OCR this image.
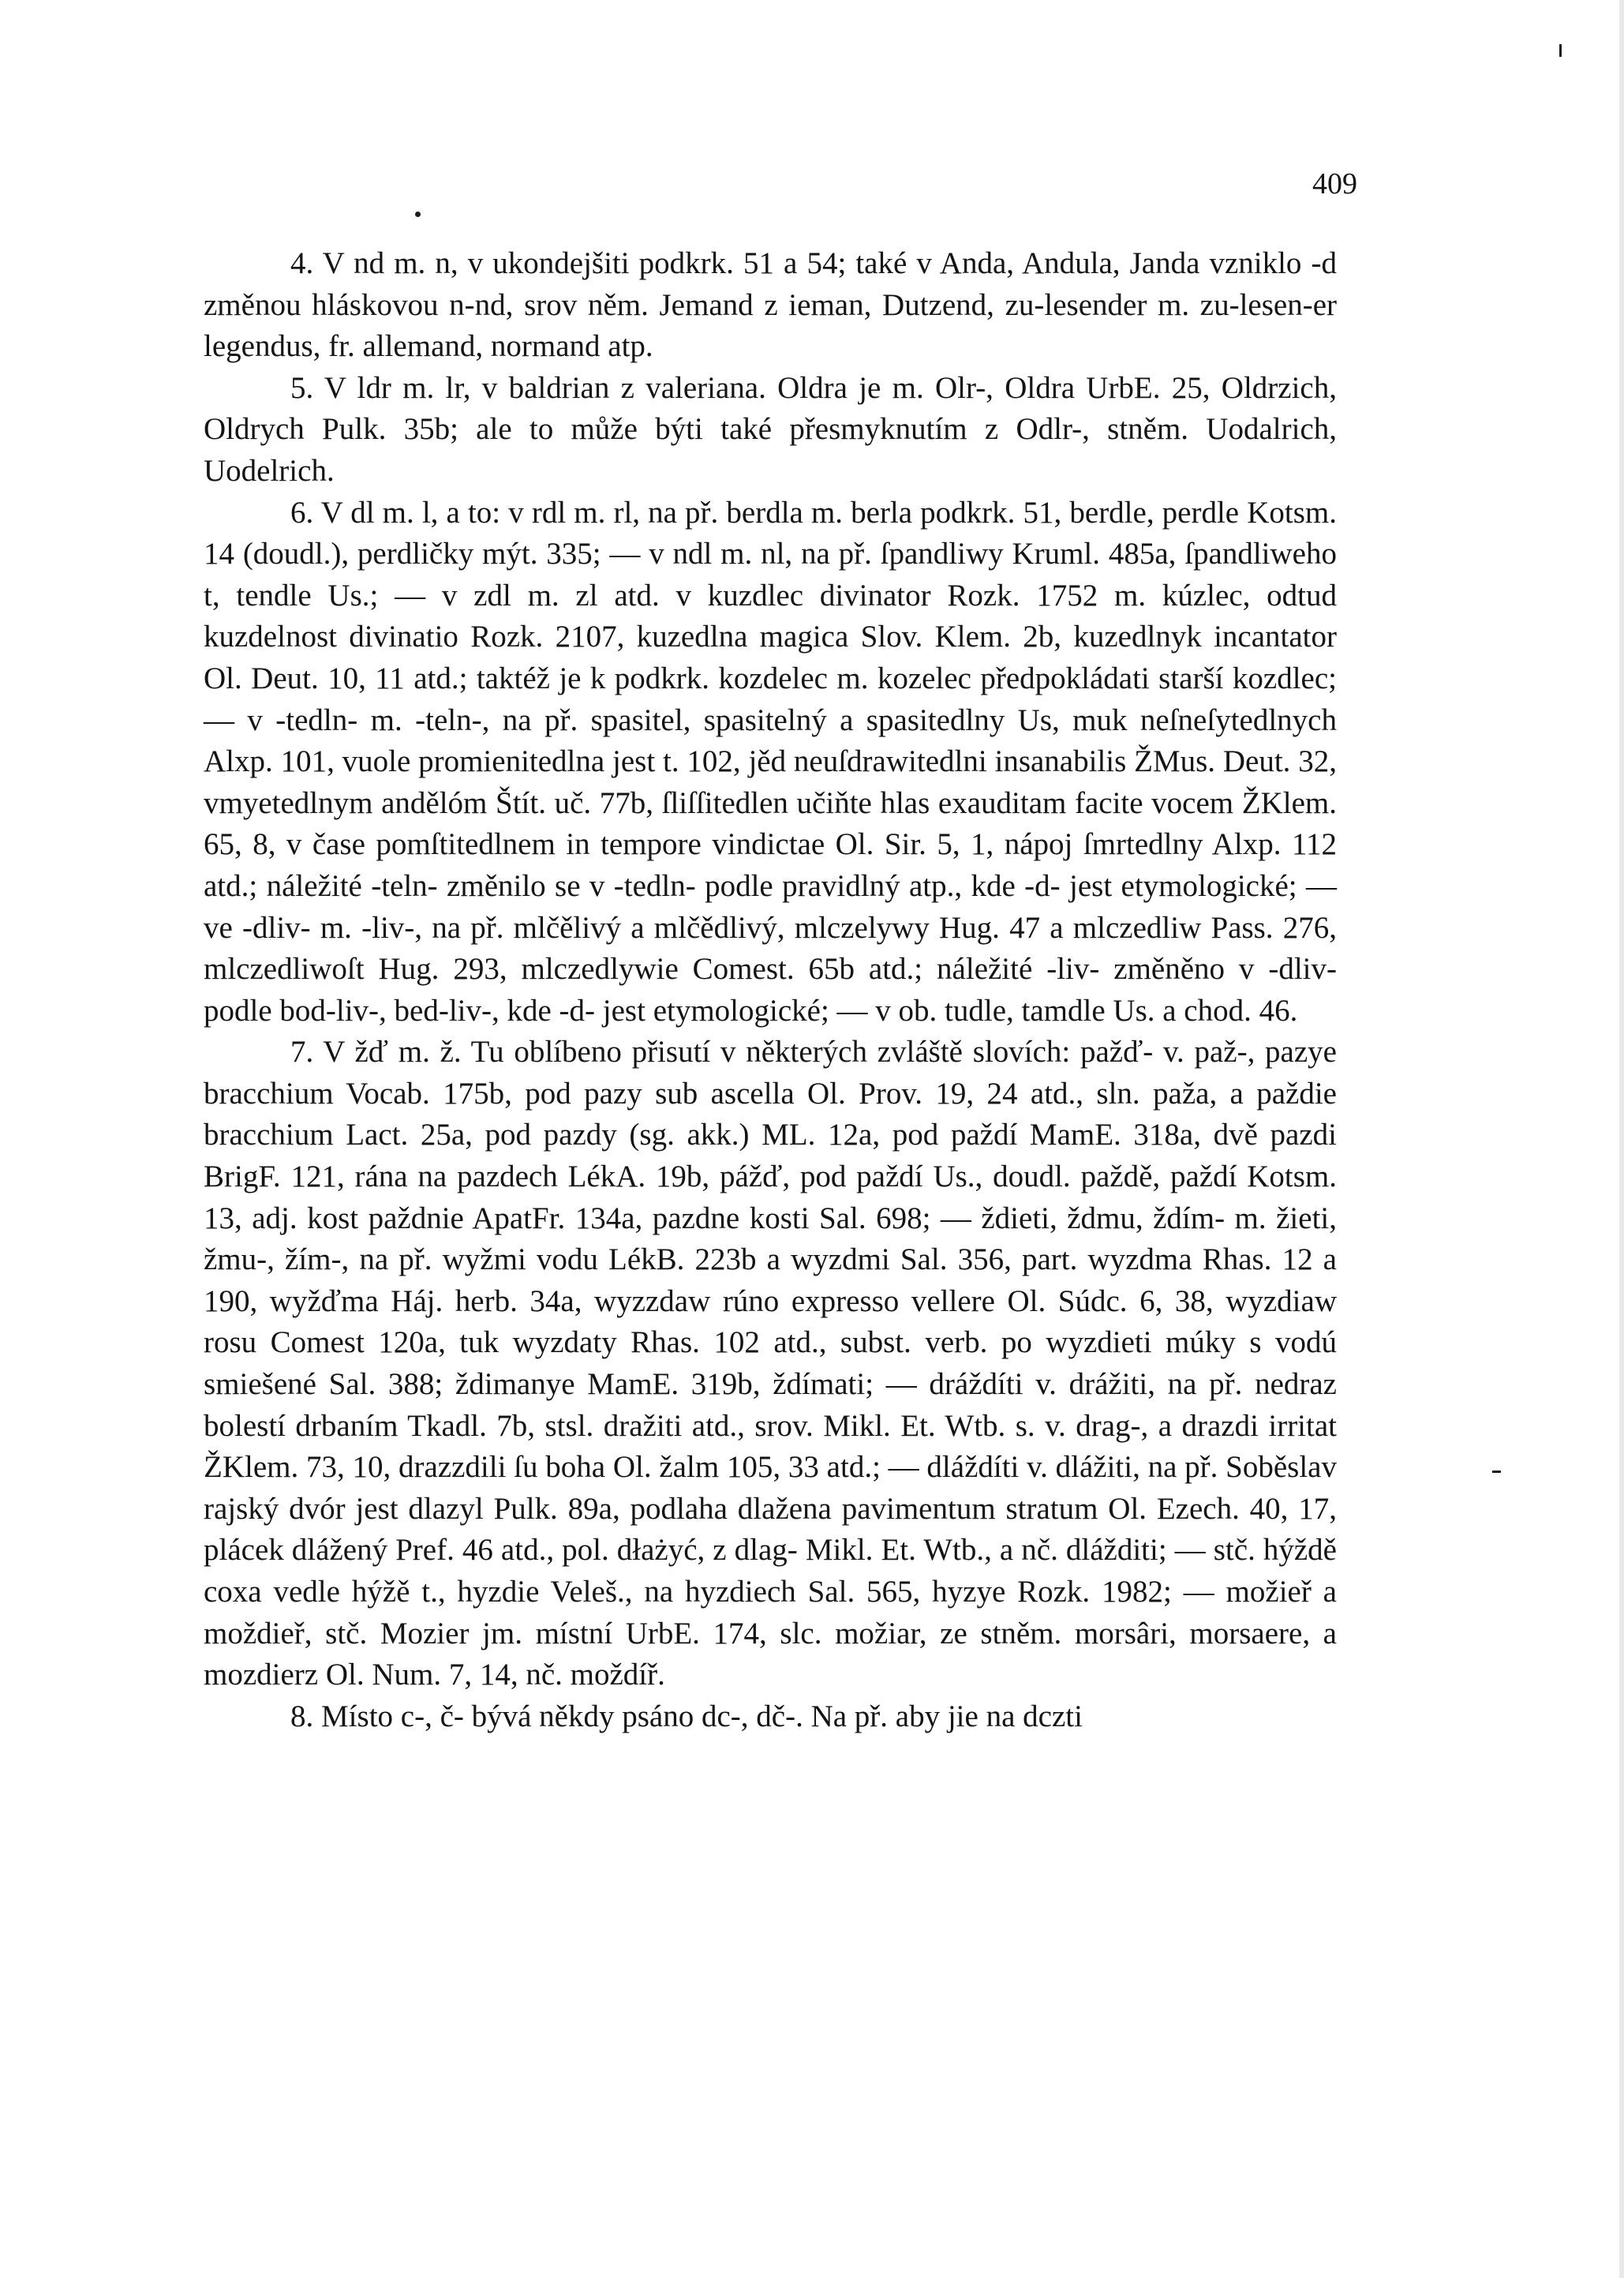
409

4. V nd m. n, v ukondejšiti podkrk. 51 a 54; také v Anda, Andula, Janda vzniklo -d změnou hláskovou n-nd, srov něm. Jemand z ieman, Dutzend, zu-lesender m. zu-lesen-er legendus, fr. allemand, normand atp.

5. V ldr m. lr, v baldrian z valeriana. Oldra je m. Olr-, Oldra UrbE. 25, Oldrzich, Oldrych Pulk. 35b; ale to může býti také přesmyknutím z Odlr-, stněm. Uodalrich, Uodelrich.

6. V dl m. l, a to: v rdl m. rl, na př. berdla m. berla podkrk. 51, berdle, perdle Kotsm. 14 (doudl.), perdličky mýt. 335; — v ndl m. nl, na př. ſpandliwy Kruml. 485a, ſpandliweho t, tendle Us.; — v zdl m. zl atd. v kuzdlec divinator Rozk. 1752 m. kúzlec, odtud kuzdelnost divinatio Rozk. 2107, kuzedlna magica Slov. Klem. 2b, kuzedlnyk incantator Ol. Deut. 10, 11 atd.; taktéž je k podkrk. kozdelec m. kozelec předpokládati starší kozdlec; — v -tedln- m. -teln-, na př. spasitel, spasitelný a spasitedlny Us, muk neſneſytedlnych Alxp. 101, vuole promienitedlna jest t. 102, jěd neuſdrawitedlni insanabilis ŽMus. Deut. 32, vmyetedlnym andělóm Štít. uč. 77b, ſliſſitedlen učiňte hlas exauditam facite vocem ŽKlem. 65, 8, v čase pomſtitedlnem in tempore vindictae Ol. Sir. 5, 1, nápoj ſmrtedlny Alxp. 112 atd.; náležité -teln- změnilo se v -tedln- podle pravidlný atp., kde -d- jest etymologické; — ve -dliv- m. -liv-, na př. mlčělivý a mlčědlivý, mlczelywy Hug. 47 a mlczedliw Pass. 276, mlczedliwoſt Hug. 293, mlczedlywie Comest. 65b atd.; náležité -liv- změněno v -dliv- podle bod-liv-, bed-liv-, kde -d- jest etymologické; — v ob. tudle, tamdle Us. a chod. 46.

7. V žď m. ž. Tu oblíbeno přisutí v některých zvláště slovích: pažď- v. paž-, pazye bracchium Vocab. 175b, pod pazy sub ascella Ol. Prov. 19, 24 atd., sln. paža, a paždie bracchium Lact. 25a, pod pazdy (sg. akk.) ML. 12a, pod paždí MamE. 318a, dvě pazdi BrigF. 121, rána na pazdech LékA. 19b, pážď, pod paždí Us., doudl. paždě, paždí Kotsm. 13, adj. kost paždnie ApatFr. 134a, pazdne kosti Sal. 698; — ždieti, ždmu, ždím- m. žieti, žmu-, žím-, na př. wyžmi vodu LékB. 223b a wyzdmi Sal. 356, part. wyzdma Rhas. 12 a 190, wyžďma Háj. herb. 34a, wyzzdaw rúno expresso vellere Ol. Súdc. 6, 38, wyzdiaw rosu Comest 120a, tuk wyzdaty Rhas. 102 atd., subst. verb. po wyzdieti múky s vodú smiešené Sal. 388; ždimanye MamE. 319b, ždímati; — dráždíti v. drážiti, na př. nedraz bolestí drbaním Tkadl. 7b, stsl. dražiti atd., srov. Mikl. Et. Wtb. s. v. drag-, a drazdi irritat ŽKlem. 73, 10, drazzdili ſu boha Ol. žalm 105, 33 atd.; — dláždíti v. dlážiti, na př. Soběslav rajský dvór jest dlazyl Pulk. 89a, podlaha dlažena pavimentum stratum Ol. Ezech. 40, 17, plácek dlážený Pref. 46 atd., pol. dłażyć, z dlag- Mikl. Et. Wtb., a nč. dlážditi; — stč. hýždě coxa vedle hýžě t., hyzdie Veleš., na hyzdiech Sal. 565, hyzye Rozk. 1982; — možieř a moždieř, stč. Mozier jm. místní UrbE. 174, slc. možiar, ze stněm. morsâri, morsaere, a mozdierz Ol. Num. 7, 14, nč. moždíř.

8. Místo c-, č- bývá někdy psáno dc-, dč-. Na př. aby jie na dczti
